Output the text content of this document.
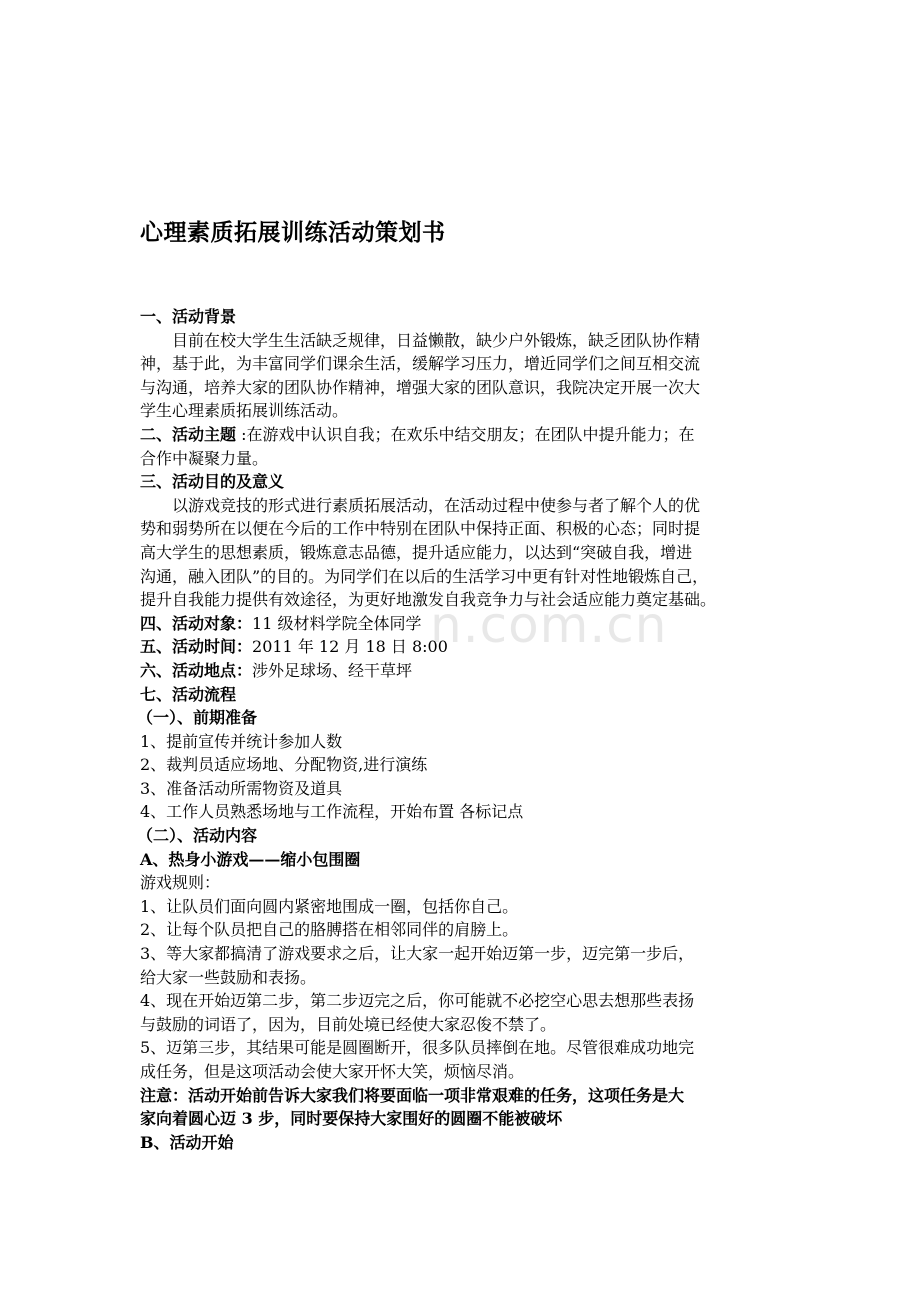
心理素质拓展训练活动策划书
一、活动背景
目前在校大学生生活缺乏规律，日益懒散，缺少户外锻炼，缺乏团队协作精
神，基于此，为丰富同学们课余生活，缓解学习压力，增近同学们之间互相交流
与沟通，培养大家的团队协作精神，增强大家的团队意识，我院决定开展一次大
学生心理素质拓展训练活动。
二、活动主题 :在游戏中认识自我；在欢乐中结交朋友；在团队中提升能力；在
合作中凝聚力量。
三、活动目的及意义
以游戏竞技的形式进行素质拓展活动，在活动过程中使参与者了解个人的优
势和弱势所在以便在今后的工作中特别在团队中保持正面、积极的心态；同时提
高大学生的思想素质，锻炼意志品德，提升适应能力，以达到“突破自我，增进
沟通，融入团队”的目的。为同学们在以后的生活学习中更有针对性地锻炼自己，
提升自我能力提供有效途径，为更好地激发自我竞争力与社会适应能力奠定基础。
四、活动对象：11 级材料学院全体同学
五、活动时间：2011 年 12 月 18 日 8:00
六、活动地点：涉外足球场、经干草坪
七、活动流程
（一）、前期准备
1、提前宣传并统计参加人数
2、裁判员适应场地、分配物资,进行演练
3、准备活动所需物资及道具
4、工作人员熟悉场地与工作流程，开始布置 各标记点
（二）、活动内容
A、热身小游戏——缩小包围圈
游戏规则：
1、让队员们面向圆内紧密地围成一圈，包括你自己。
2、让每个队员把自己的胳膊搭在相邻同伴的肩膀上。
3、等大家都搞清了游戏要求之后，让大家一起开始迈第一步，迈完第一步后，
给大家一些鼓励和表扬。
4、现在开始迈第二步，第二步迈完之后，你可能就不必挖空心思去想那些表扬
与鼓励的词语了，因为，目前处境已经使大家忍俊不禁了。
5、迈第三步，其结果可能是圆圈断开，很多队员摔倒在地。尽管很难成功地完
成任务，但是这项活动会使大家开怀大笑，烦恼尽消。
注意：活动开始前告诉大家我们将要面临一项非常艰难的任务，这项任务是大
家向着圆心迈 3 步，同时要保持大家围好的圆圈不能被破坏
B、活动开始
n.com.cn
